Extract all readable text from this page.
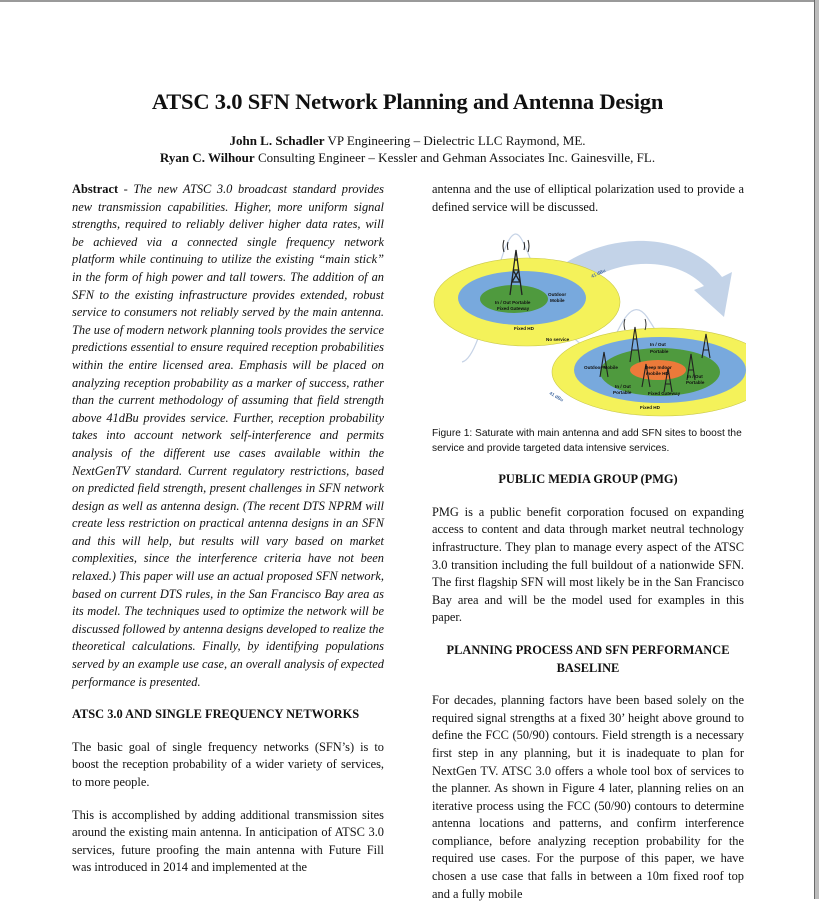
ATSC 3.0 SFN Network Planning and Antenna Design
John L. Schadler VP Engineering – Dielectric LLC Raymond, ME.
Ryan C. Wilhour Consulting Engineer – Kessler and Gehman Associates Inc. Gainesville, FL.

Abstract - The new ATSC 3.0 broadcast standard provides new transmission capabilities. Higher, more uniform signal strengths, required to reliably deliver higher data rates, will be achieved via a connected single frequency network platform while continuing to utilize the existing “main stick” in the form of high power and tall towers. The addition of an SFN to the existing infrastructure provides extended, robust service to consumers not reliably served by the main antenna. The use of modern network planning tools provides the service predictions essential to ensure required reception probabilities within the entire licensed area. Emphasis will be placed on analyzing reception probability as a marker of success, rather than the current methodology of assuming that field strength above 41dBu provides service. Further, reception probability takes into account network self-interference and permits analysis of the different use cases available within the NextGenTV standard. Current regulatory restrictions, based on predicted field strength, present challenges in SFN network design as well as antenna design. (The recent DTS NPRM will create less restriction on practical antenna designs in an SFN and this will help, but results will vary based on market complexities, since the interference criteria have not been relaxed.) This paper will use an actual proposed SFN network, based on current DTS rules, in the San Francisco Bay area as its model. The techniques used to optimize the network will be discussed followed by antenna designs developed to realize the theoretical calculations. Finally, by identifying populations served by an example use case, an overall analysis of expected performance is presented.

ATSC 3.0 AND SINGLE FREQUENCY NETWORKS

The basic goal of single frequency networks (SFN’s) is to boost the reception probability of a wider variety of services, to more people.

This is accomplished by adding additional transmission sites around the existing main antenna. In anticipation of ATSC 3.0 services, future proofing the main antenna with Future Fill was introduced in 2014 and implemented at the

antenna and the use of elliptical polarization used to provide a defined service will be discussed.

Figure 1: Saturate with main antenna and add SFN sites to boost the service and provide targeted data intensive services.

PUBLIC MEDIA GROUP (PMG)

PMG is a public benefit corporation focused on expanding access to content and data through market neutral technology infrastructure. They plan to manage every aspect of the ATSC 3.0 transition including the full buildout of a nationwide SFN. The first flagship SFN will most likely be in the San Francisco Bay area and will be the model used for examples in this paper.

PLANNING PROCESS AND SFN PERFORMANCE BASELINE

For decades, planning factors have been based solely on the required signal strengths at a fixed 30’ height above ground to define the FCC (50/90) contours. Field strength is a necessary first step in any planning, but it is inadequate to plan for NextGen TV. ATSC 3.0 offers a whole tool box of services to the planner. As shown in Figure 4 later, planning relies on an iterative process using the FCC (50/90) contours to determine antenna locations and patterns, and confirm interference compliance, before analyzing reception probability for the required use cases. For the purpose of this paper, we have chosen a use case that falls in between a 10m fixed roof top and a fully mobile

In / Out Portable
Fixed Gateway
Outdoor
Mobile
Fixed HD
No service
41 dBu
41 dBu
In / Out
Portable
Outdoor Mobile	Deep Indoor
mobile HD
In / Out
Portable
In / Out
Portable	Fixed Gateway
Fixed HD
